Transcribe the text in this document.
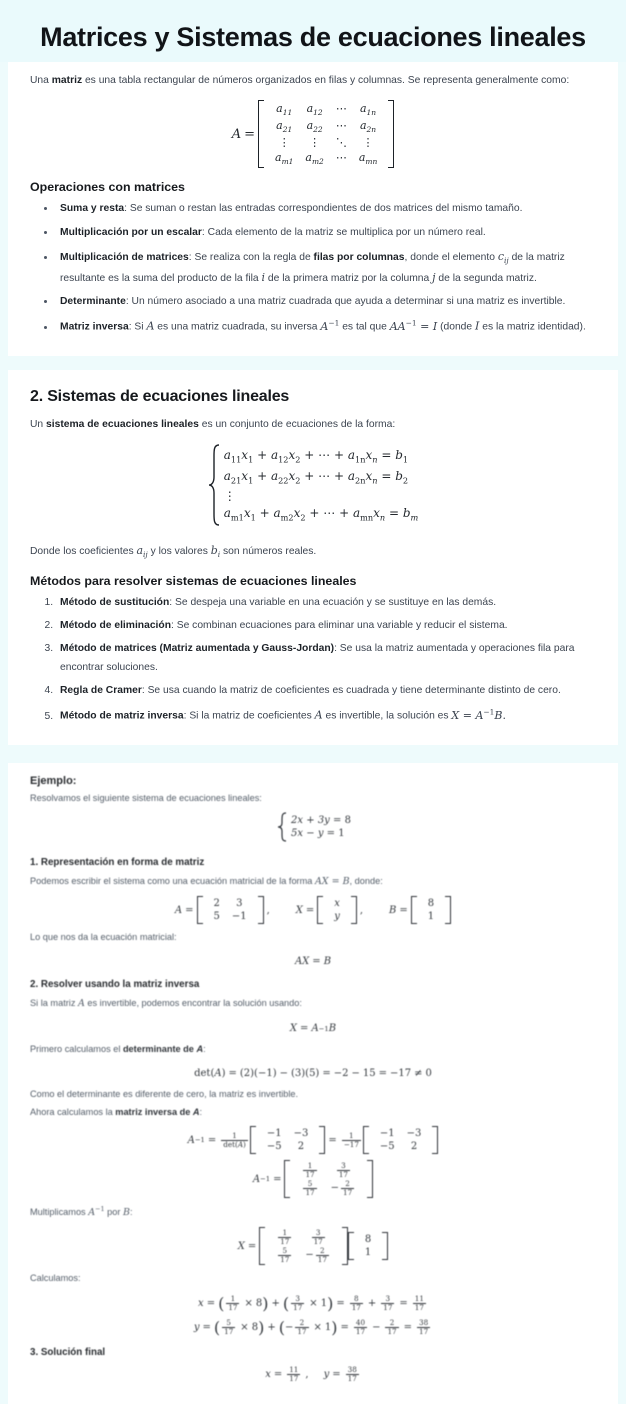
Matrices y Sistemas de ecuaciones lineales

Una matriz es una tabla rectangular de números organizados en filas y columnas. Se representa generalmente como:

A =
$a_{11}$	$a_{12}$	⋯	$a_{1n}$
$a_{21}$	$a_{22}$	⋯	$a_{2n}$
⋮	⋮	⋱	⋮
$a_{m1}$	$a_{m2}$	⋯	$a_{mn}$
Operaciones con matrices
• Suma y resta: Se suman o restan las entradas correspondientes de dos matrices del mismo tamaño.
• Multiplicación por un escalar: Cada elemento de la matriz se multiplica por un número real.
• Multiplicación de matrices: Se realiza con la regla de filas por columnas, donde el elemento $c_{ij}$ de la matriz resultante es la suma del producto de la fila i de la primera matriz por la columna j de la segunda matriz.
• Determinante: Un número asociado a una matriz cuadrada que ayuda a determinar si una matriz es invertible.
• Matriz inversa: Si A es una matriz cuadrada, su inversa $A^{-1}$ es tal que $AA^{-1} = I$ (donde I es la matriz identidad).
2. Sistemas de ecuaciones lineales

Un sistema de ecuaciones lineales es un conjunto de ecuaciones de la forma:

$a_{11}x_1 + a_{12}x_2$ + ⋯ + $a_{1n}x_n = b_1$
$a_{21}x_1 + a_{22}x_2$ + ⋯ + $a_{2n}x_n = b_2$
⋮
$a_{m1}x_1 + a_{m2}x_2$ + ⋯ + $a_{mn}x_n = b_m$

Donde los coeficientes $a_{ij}$ y los valores $b_i$ son números reales.

Métodos para resolver sistemas de ecuaciones lineales
1. Método de sustitución: Se despeja una variable en una ecuación y se sustituye en las demás.
2. Método de eliminación: Se combinan ecuaciones para eliminar una variable y reducir el sistema.
3. Método de matrices (Matriz aumentada y Gauss-Jordan): Se usa la matriz aumentada y operaciones fila para encontrar soluciones.
4. Regla de Cramer: Se usa cuando la matriz de coeficientes es cuadrada y tiene determinante distinto de cero.
5. Método de matriz inversa: Si la matriz de coeficientes A es invertible, la solución es $X = A^{-1}B$.
Ejemplo:

Resolvamos el siguiente sistema de ecuaciones lineales:

2x + 3y = 8
5x − y = 1
1. Representación en forma de matriz

Podemos escribir el sistema como una ecuación matricial de la forma AX = B, donde:

A =
2	3
5	−1
,
	X =
x
y
,
	B =
8
1

Lo que nos da la ecuación matricial:

AX = B
2. Resolver usando la matriz inversa

Si la matriz A es invertible, podemos encontrar la solución usando:

X = A −1 B

Primero calculamos el determinante de A:

det( A ) = (2)(−1) − (3)(5) = −2 − 15 = −17 ≠ 0

Como el determinante es diferente de cero, la matriz es invertible.

Ahora calculamos la matriz inversa de A:

$A -1 = \frac{1}{\det(A)}$	−1	−3
−5	2
= $\frac{1}{-17}$	−1	−3
−5	2
A −1 =
$\frac{1}{17}$	$\frac{3}{17}$
$\frac{5}{17}$	− $\frac{2}{17}$

Multiplicamos $A^{-1}$ por B:

X =
$\frac{1}{17}$	$\frac{3}{17}$
$\frac{5}{17}$	− $\frac{2}{17}$
8
1

Calculamos:

x = ( $\frac{1}{17} \times 8$ ) + ( $\frac{3}{17} \times 1$ ) = $\frac{8}{17} + \frac{3}{17} = \frac{11}{17}$
y = ( $\frac{5}{17} \times 8$ ) + ( − $\frac{2}{17} \times 1$ ) = $\frac{40}{17} - \frac{2}{17} = \frac{38}{17}$
3. Solución final
$x = \frac{11}{17}$ ,	$y = \frac{38}{17}$
